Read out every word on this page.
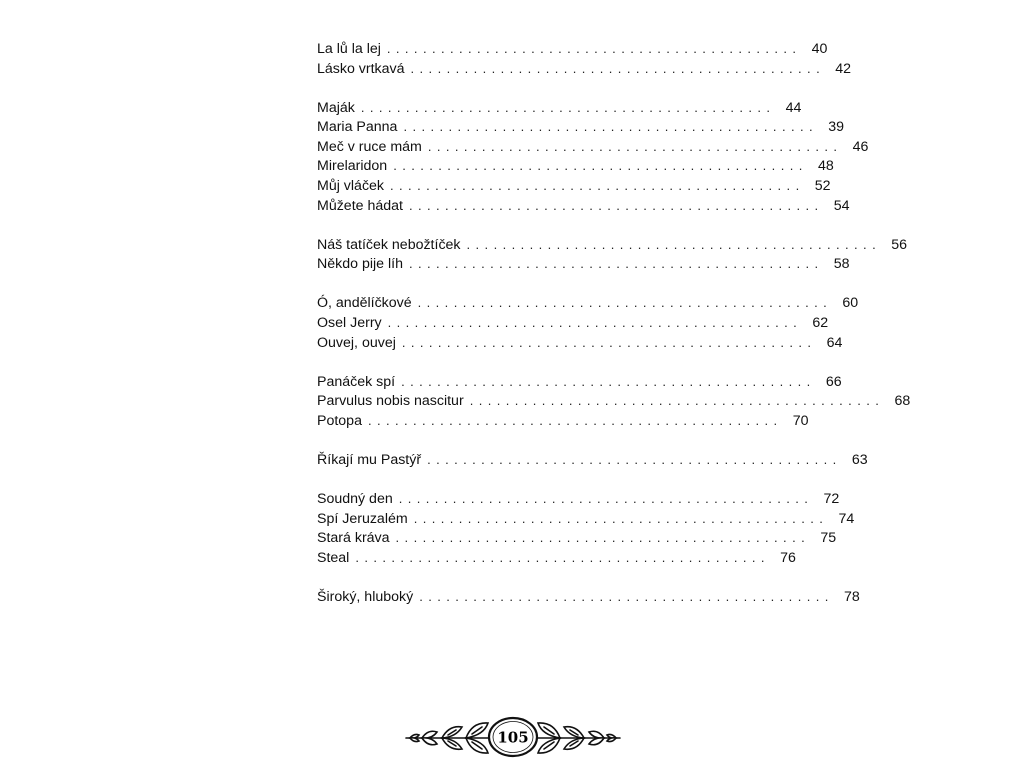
La lů la lej .............................................. 40
Lásko vrtkavá .............................................. 42
Maják .............................................. 44
Maria Panna .............................................. 39
Meč v ruce mám .............................................. 46
Mirelaridon .............................................. 48
Můj vláček .............................................. 52
Můžete hádat .............................................. 54
Náš tatíček nebožtíček .............................................. 56
Někdo pije líh .............................................. 58
Ó, andělíčkové .............................................. 60
Osel Jerry .............................................. 62
Ouvej, ouvej .............................................. 64
Panáček spí .............................................. 66
Parvulus nobis nascitur .............................................. 68
Potopa .............................................. 70
Říkají mu Pastýř .............................................. 63
Soudný den .............................................. 72
Spí Jeruzalém .............................................. 74
Stará kráva .............................................. 75
Steal .............................................. 76
Široký, hluboký .............................................. 78
105
